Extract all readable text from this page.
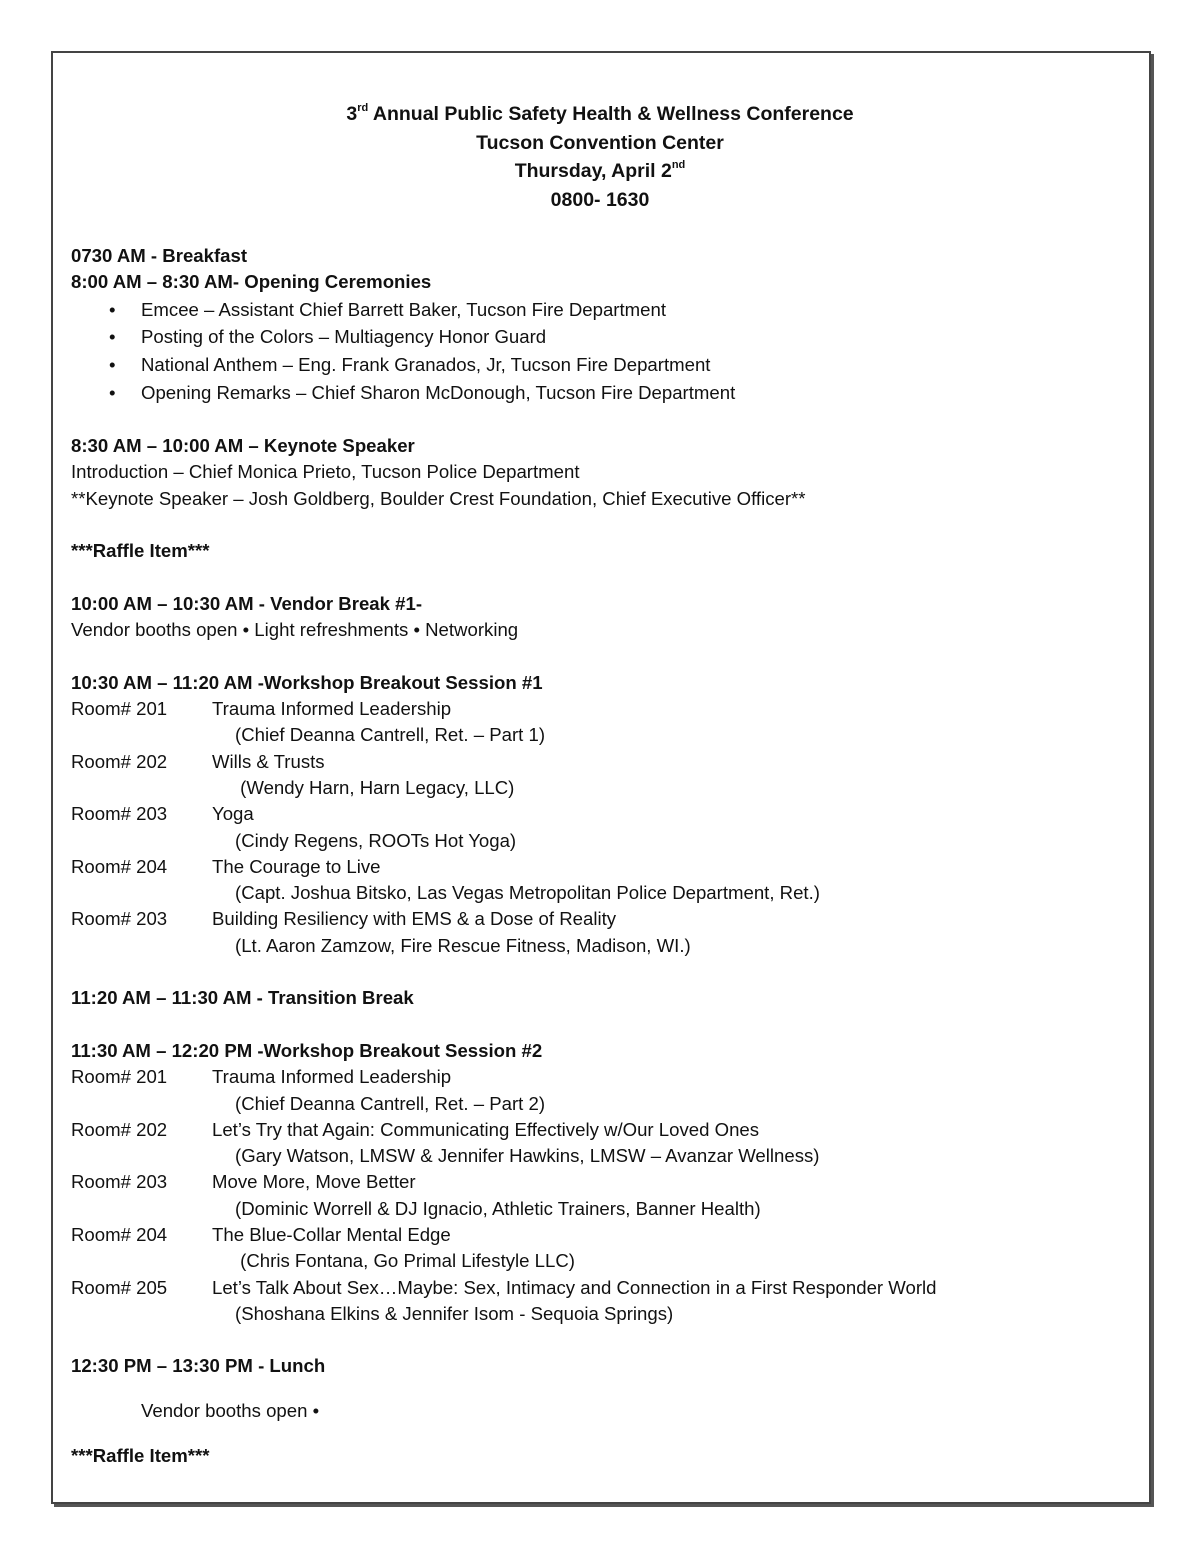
3rd Annual Public Safety Health & Wellness Conference

Tucson Convention Center

Thursday, April 2nd

0800- 1630

0730 AM - Breakfast

8:00 AM – 8:30 AM- Opening Ceremonies

• Emcee – Assistant Chief Barrett Baker, Tucson Fire Department
• Posting of the Colors – Multiagency Honor Guard
• National Anthem – Eng. Frank Granados, Jr, Tucson Fire Department
• Opening Remarks – Chief Sharon McDonough, Tucson Fire Department

8:30 AM – 10:00 AM – Keynote Speaker

Introduction – Chief Monica Prieto, Tucson Police Department

**Keynote Speaker – Josh Goldberg, Boulder Crest Foundation, Chief Executive Officer**

***Raffle Item***

10:00 AM – 10:30 AM - Vendor Break #1-

Vendor booths open • Light refreshments • Networking

10:30 AM – 11:20 AM -Workshop Breakout Session #1

Room# 201	Trauma Informed Leadership
(Chief Deanna Cantrell, Ret. – Part 1)
Room# 202	Wills & Trusts
(Wendy Harn, Harn Legacy, LLC)
Room# 203	Yoga
(Cindy Regens, ROOTs Hot Yoga)
Room# 204	The Courage to Live
(Capt. Joshua Bitsko, Las Vegas Metropolitan Police Department, Ret.)
Room# 203	Building Resiliency with EMS & a Dose of Reality
(Lt. Aaron Zamzow, Fire Rescue Fitness, Madison, WI.)

11:20 AM – 11:30 AM - Transition Break

11:30 AM – 12:20 PM -Workshop Breakout Session #2

Room# 201	Trauma Informed Leadership
(Chief Deanna Cantrell, Ret. – Part 2)
Room# 202	Let’s Try that Again: Communicating Effectively w/Our Loved Ones
(Gary Watson, LMSW & Jennifer Hawkins, LMSW – Avanzar Wellness)
Room# 203	Move More, Move Better
(Dominic Worrell & DJ Ignacio, Athletic Trainers, Banner Health)
Room# 204	The Blue-Collar Mental Edge
(Chris Fontana, Go Primal Lifestyle LLC)
Room# 205	Let’s Talk About Sex…Maybe: Sex, Intimacy and Connection in a First Responder World
(Shoshana Elkins & Jennifer Isom - Sequoia Springs)

12:30 PM – 13:30 PM - Lunch

Vendor booths open •

***Raffle Item***
